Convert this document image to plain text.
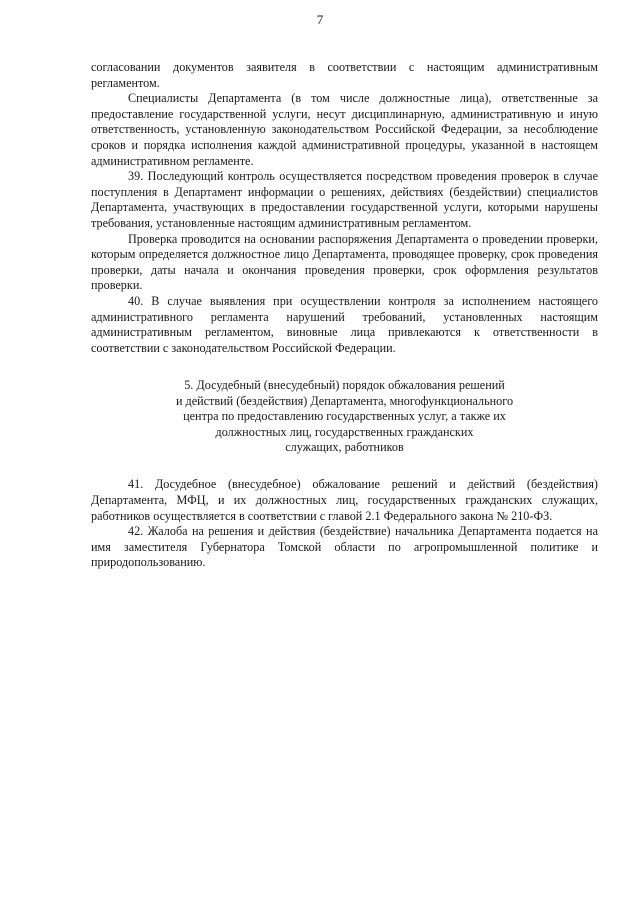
7

согласовании документов заявителя в соответствии с настоящим административным регламентом.

Специалисты Департамента (в том числе должностные лица), ответственные за предоставление государственной услуги, несут дисциплинарную, административную и иную ответственность, установленную законодательством Российской Федерации, за несоблюдение сроков и порядка исполнения каждой административной процедуры, указанной в настоящем административном регламенте.

39. Последующий контроль осуществляется посредством проведения проверок в случае поступления в Департамент информации о решениях, действиях (бездействии) специалистов Департамента, участвующих в предоставлении государственной услуги, которыми нарушены требования, установленные настоящим административным регламентом.

Проверка проводится на основании распоряжения Департамента о проведении проверки, которым определяется должностное лицо Департамента, проводящее проверку, срок проведения проверки, даты начала и окончания проведения проверки, срок оформления результатов проверки.

40. В случае выявления при осуществлении контроля за исполнением настоящего административного регламента нарушений требований, установленных настоящим административным регламентом, виновные лица привлекаются к ответственности в соответствии с законодательством Российской Федерации.

5. Досудебный (внесудебный) порядок обжалования решений
и действий (бездействия) Департамента, многофункционального
центра по предоставлению государственных услуг, а также их
должностных лиц, государственных гражданских
служащих, работников

41. Досудебное (внесудебное) обжалование решений и действий (бездействия) Департамента, МФЦ, и их должностных лиц, государственных гражданских служащих, работников осуществляется в соответствии с главой 2.1 Федерального закона № 210-ФЗ.

42. Жалоба на решения и действия (бездействие) начальника Департамента подается на имя заместителя Губернатора Томской области по агропромышленной политике и природопользованию.
